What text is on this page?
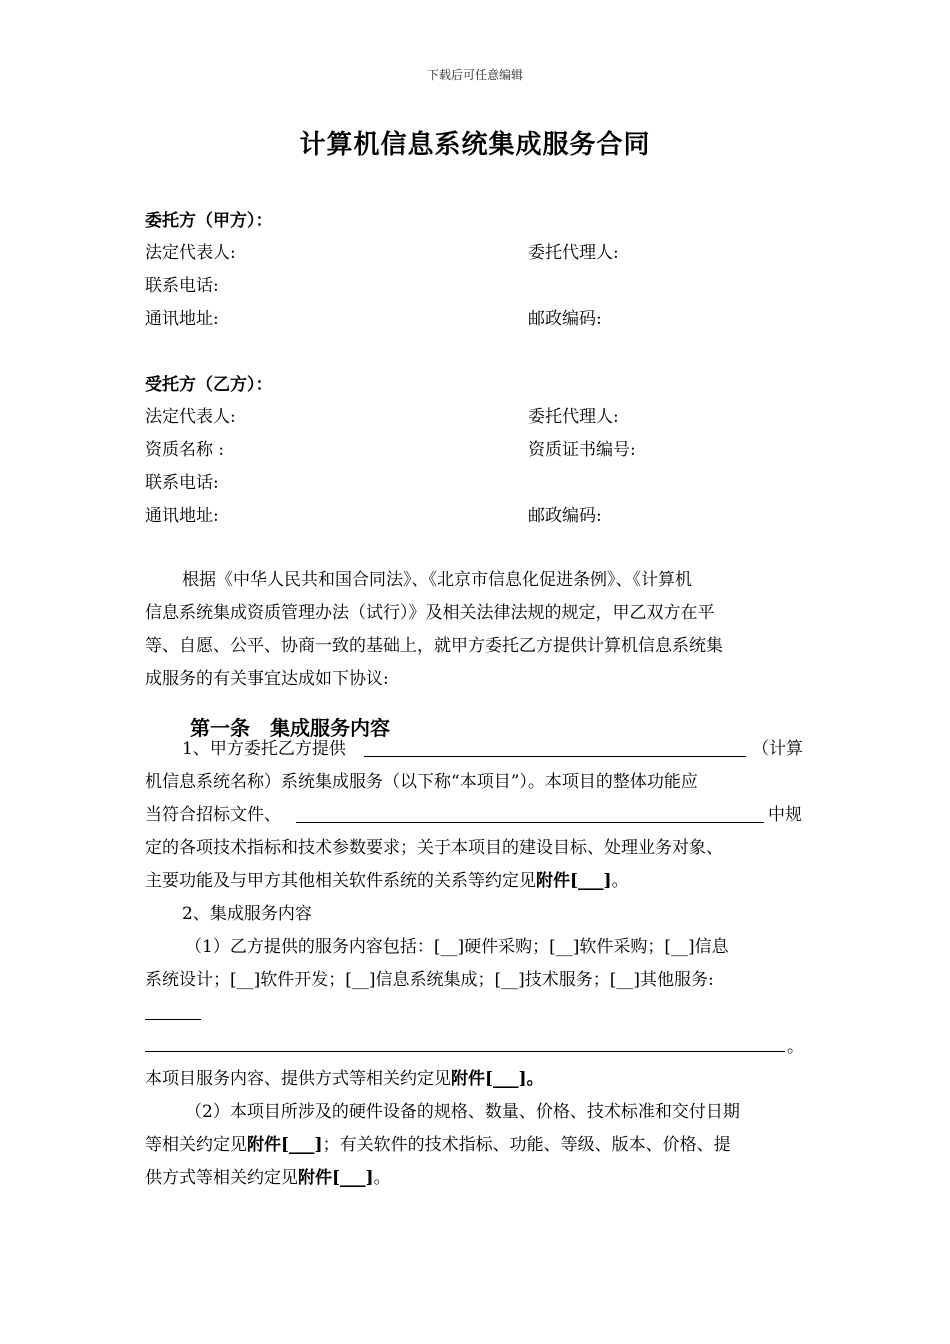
下载后可任意编辑
计算机信息系统集成服务合同
委托方（甲方）：
法定代表人:	委托代理人:
联系电话:
通讯地址:	邮政编码:
受托方（乙方）：
法定代表人:	委托代理人:
资质名称 :	资质证书编号:
联系电话:
通讯地址:	邮政编码:
根据《中华人民共和国合同法》、《北京市信息化促进条例》、《计算机
信息系统集成资质管理办法（试行）》及相关法律法规的规定，甲乙双方在平
等、自愿、公平、协商一致的基础上，就甲方委托乙方提供计算机信息系统集
成服务的有关事宜达成如下协议:
第一条　集成服务内容
1、甲方委托乙方提供	（计算
机信息系统名称）系统集成服务（以下称“本项目”）。本项目的整体功能应
当符合招标文件、	中规
定的各项技术指标和技术参数要求；关于本项目的建设目标、处理业务对象、
主要功能及与甲方其他相关软件系统的关系等约定见附件[___]。
2、集成服务内容
（1）乙方提供的服务内容包括：[__]硬件采购；[__]软件采购；[__]信息
系统设计；[__]软件开发；[__]信息系统集成；[__]技术服务；[__]其他服务:
。
本项目服务内容、提供方式等相关约定见附件[___]。
（2）本项目所涉及的硬件设备的规格、数量、价格、技术标准和交付日期
等相关约定见附件[___]；有关软件的技术指标、功能、等级、版本、价格、提
供方式等相关约定见附件[___]。
